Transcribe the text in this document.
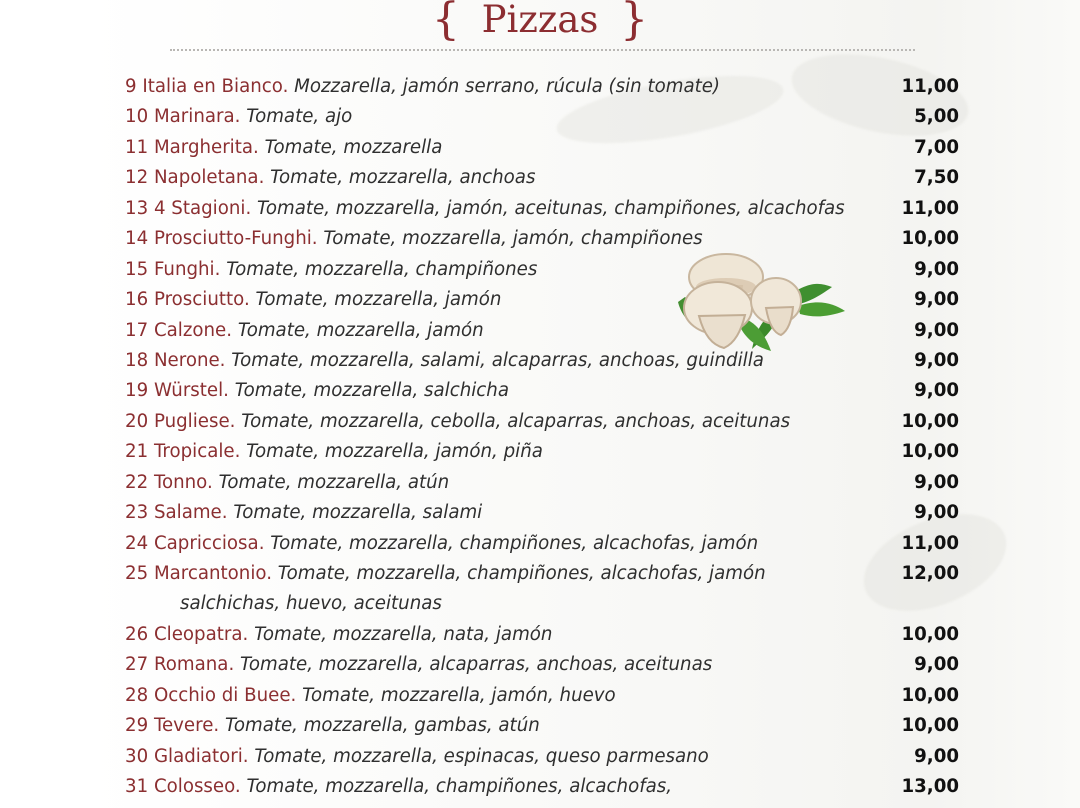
{ Pizzas }
9 Italia en Bianco. Mozzarella, jamón serrano, rúcula (sin tomate)	11,00
10 Marinara. Tomate, ajo	5,00
11 Margherita. Tomate, mozzarella	7,00
12 Napoletana. Tomate, mozzarella, anchoas	7,50
13 4 Stagioni. Tomate, mozzarella, jamón, aceitunas, champiñones, alcachofas	11,00
14 Prosciutto-Funghi. Tomate, mozzarella, jamón, champiñones	10,00
15 Funghi. Tomate, mozzarella, champiñones	9,00
16 Prosciutto. Tomate, mozzarella, jamón	9,00
17 Calzone. Tomate, mozzarella, jamón	9,00
18 Nerone. Tomate, mozzarella, salami, alcaparras, anchoas, guindilla	9,00
19 Würstel. Tomate, mozzarella, salchicha	9,00
20 Pugliese. Tomate, mozzarella, cebolla, alcaparras, anchoas, aceitunas	10,00
21 Tropicale. Tomate, mozzarella, jamón, piña	10,00
22 Tonno. Tomate, mozzarella, atún	9,00
23 Salame. Tomate, mozzarella, salami	9,00
24 Capricciosa. Tomate, mozzarella, champiñones, alcachofas, jamón	11,00
25 Marcantonio. Tomate, mozzarella, champiñones, alcachofas, jamón	12,00
salchichas, huevo, aceitunas
26 Cleopatra. Tomate, mozzarella, nata, jamón	10,00
27 Romana. Tomate, mozzarella, alcaparras, anchoas, aceitunas	9,00
28 Occhio di Buee. Tomate, mozzarella, jamón, huevo	10,00
29 Tevere. Tomate, mozzarella, gambas, atún	10,00
30 Gladiatori. Tomate, mozzarella, espinacas, queso parmesano	9,00
31 Colosseo. Tomate, mozzarella, champiñones, alcachofas,	13,00
